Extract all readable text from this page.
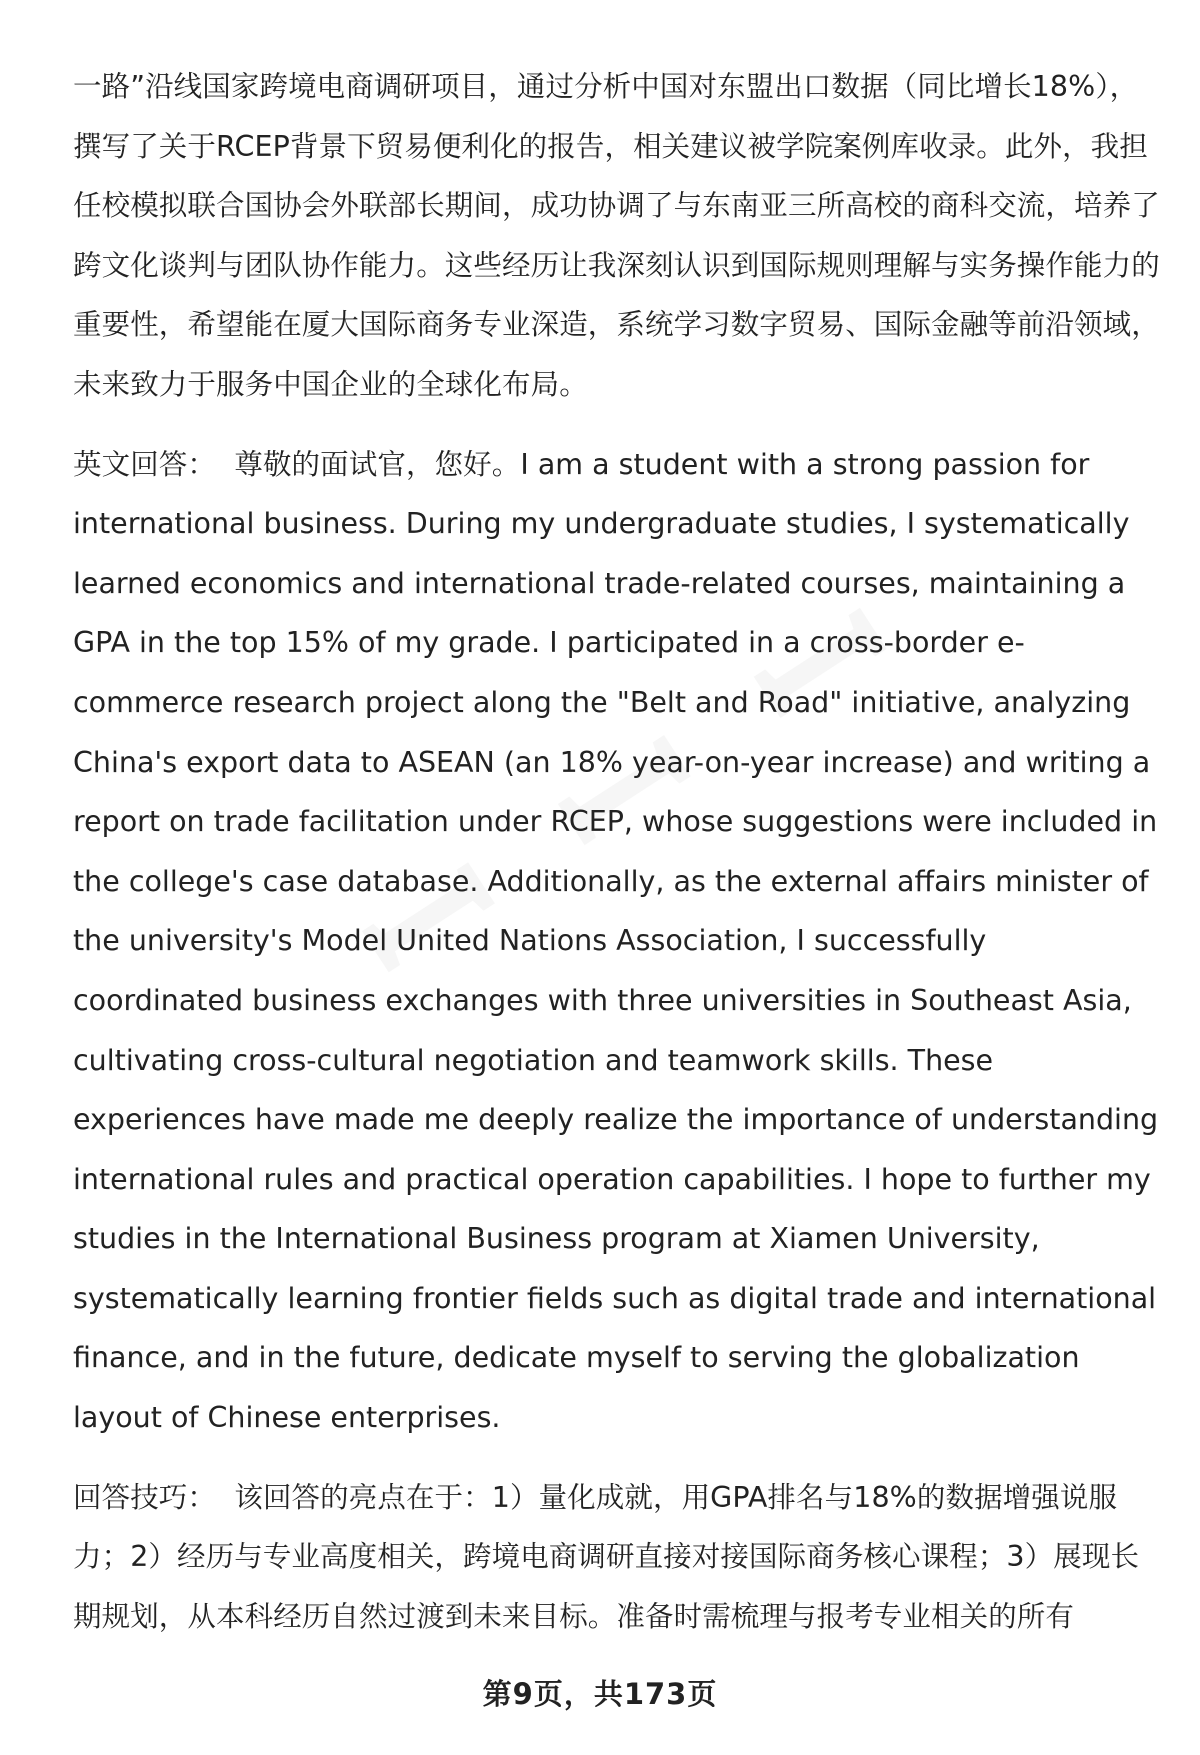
一路”沿线国家跨境电商调研项目，通过分析中国对东盟出口数据（同比增长18%），撰写了关于RCEP背景下贸易便利化的报告，相关建议被学院案例库收录。此外，我担任校模拟联合国协会外联部长期间，成功协调了与东南亚三所高校的商科交流，培养了跨文化谈判与团队协作能力。这些经历让我深刻认识到国际规则理解与实务操作能力的重要性，希望能在厦大国际商务专业深造，系统学习数字贸易、国际金融等前沿领域，未来致力于服务中国企业的全球化布局。

英文回答： 尊敬的面试官，您好。I am a student with a strong passion for international business. During my undergraduate studies, I systematically learned economics and international trade-related courses, maintaining a GPA in the top 15% of my grade. I participated in a cross-border e-commerce research project along the "Belt and Road" initiative, analyzing China's export data to ASEAN (an 18% year-on-year increase) and writing a report on trade facilitation under RCEP, whose suggestions were included in the college's case database. Additionally, as the external affairs minister of the university's Model United Nations Association, I successfully coordinated business exchanges with three universities in Southeast Asia, cultivating cross-cultural negotiation and teamwork skills. These experiences have made me deeply realize the importance of understanding international rules and practical operation capabilities. I hope to further my studies in the International Business program at Xiamen University, systematically learning frontier fields such as digital trade and international finance, and in the future, dedicate myself to serving the globalization layout of Chinese enterprises.

回答技巧： 该回答的亮点在于：1）量化成就，用GPA排名与18%的数据增强说服力；2）经历与专业高度相关，跨境电商调研直接对接国际商务核心课程；3）展现长期规划，从本科经历自然过渡到未来目标。准备时需梳理与报考专业相关的所有

第9页，共173页
